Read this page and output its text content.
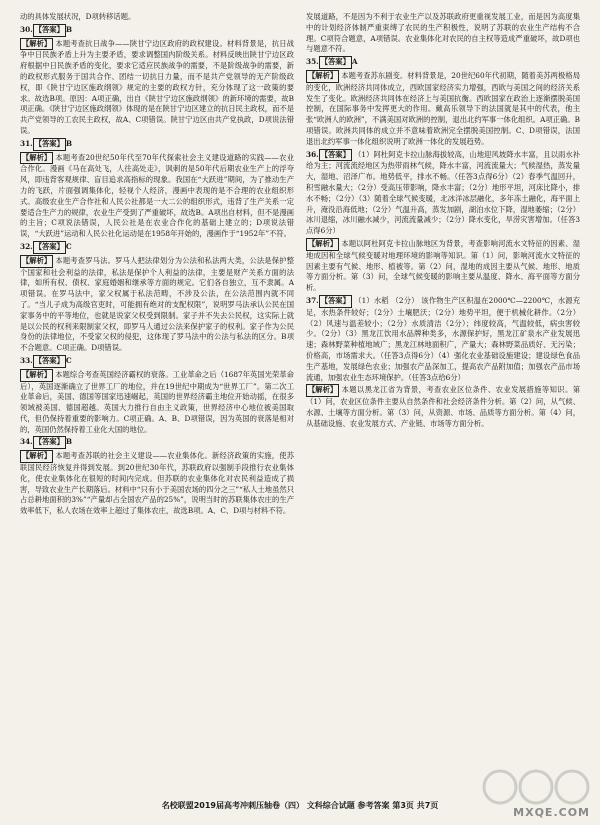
动的具体发展状况，D项转移话题。

30. 【答案】 B

【解析】 本题考查抗日战争——陕甘宁边区政府的政权建设。材料背景是，抗日战争中日民族矛盾上升为主要矛盾，要求调整国内阶级关系。材料反映出陕甘宁边区政府根据中日民族矛盾的变化，要求它适应民族战争的需要，不是阶级战争的需要，新的政权形式服务于国共合作、团结一切抗日力量，而不是共产党领导的无产阶级政权，即《陕甘宁边区施政纲领》规定的主要的政权方针，充分体现了这一政策的要求。故选B项。原因：A项正确，出自《陕甘宁边区施政纲领》的新环境的需要，故B项正确。《陕甘宁边区施政纲领》体现的是在陕甘宁边区建立的抗日民主政权，而不是共产党领导的工农民主政权，故A、C项错误。陕甘宁边区由共产党执政，D项说法错误。

31. 【答案】 B

【解析】 本题考查20世纪50年代至70年代探索社会主义建设道路的实践——农业合作化。漫画《马在高处飞，人往高处走》，讽刺的是50年代后期农业生产上的浮夸风，即违背客观规律、盲目追求高指标的现象。我国在“大跃进”期间，为了推动生产力的飞跃，片面强调集体化，轻视个人经济，漫画中表现的是不合理的农业组织形式。高级农业生产合作社和人民公社都是一大二公的组织形式，违背了生产关系一定要适合生产力的规律，农业生产受到了严重破坏，故选B。A项出自材料，但不是漫画的主旨；C项说法错误，人民公社是在农业合作化的基础上建立的；D项说法错误，“大跃进”运动和人民公社化运动是在1958年开始的，漫画作于“1952年”不符。

32. 【答案】 C

【解析】 本题考查罗马法。罗马人把法律划分为公法和私法两大类，公法是保护整个国家和社会利益的法律，私法是保护个人利益的法律，主要是财产关系方面的法律，如所有权、债权、家庭婚姻和继承等方面的规定。它们各自独立，互不隶属。A项错误。在罗马法中，家父权属于私法范畴，不涉及公法，在公法范围内就不同了。“当儿子成为高级官吏时，可能拥有绝对的支配权限”，说明罗马法承认公民在国家事务中的平等地位，也就是说家父权受到限制。家子并不失去公民权，这实际上就是以公民的权利来限制家父权，即罗马人通过公法来保护家子的权利。家子作为公民身份的法律地位，不受家父权的侵犯，这体现了罗马法中的公法与私法的区分。B项不合题意。C项正确。D项错误。

33. 【答案】 C

【解析】 本题综合考查英国经济霸权的衰落。工业革命之后（1687年英国光荣革命后），英国逐渐确立了世界工厂的地位，并在19世纪中期成为“世界工厂”。第二次工业革命后，美国、德国等国家迅速崛起，英国的世界经济霸主地位开始动摇，在很多领域被美国、德国超越。英国大力推行自由主义政策，世界经济中心地位被美国取代，但仍保持着重要的影响力。C项正确。A、B、D项错误，因为英国的衰落是相对的，英国仍然保持着工业化大国的地位。

34. 【答案】 B

【解析】 本题考查苏联的社会主义建设——农业集体化。新经济政策的实施，使苏联国民经济恢复并得到发展。到20世纪30年代，苏联政府以强制手段推行农业集体化，使农业集体化在很短的时间内完成。但苏联的农业集体化对农民利益造成了损害，导致农业生产长期落后。材料中“只有小于美国农场的四分之三”“私人土地虽然只占总耕地面积的3%”“产量却占全国农产品的25%”，说明当时的苏联集体农庄的生产效率低下，私人农场在效率上超过了集体农庄，故选B项。A、C、D项与材料不符。

发展道路，不是因为不利于农业生产以及苏联政府更重视发展工业，而是因为高度集中的计划经济体制严重束缚了农民的生产积极性，说明了苏联的农业生产结构不合理。C项符合题意，A项错误。农业集体化对农民的自主权等造成严重破坏，故D项也与题意不符。

35. 【答案】 A

【解析】 本题考查苏东剧变。材料背景是，20世纪60年代初期，随着美苏两极格局的变化，欧洲经济共同体成立，西欧国家经济实力增强，西欧与美国之间的经济关系发生了变化。欧洲经济共同体在经济上与美国抗衡。西欧国家在政治上逐渐摆脱美国控制，在国际事务中发挥更大的作用。戴高乐领导下的法国就是其中的代表，他主张“欧洲人的欧洲”，不满美国对欧洲的控制，退出北约军事一体化组织。A项正确。B项错误。欧洲共同体的成立并不意味着欧洲完全摆脱美国控制。C、D项错误，法国退出北约军事一体化组织说明了欧洲一体化的发展趋势。

36. 【答案】 （1）阿杜阿克卡拉山脉海拔较高，山地迎风坡降水丰富，且以雨水补给为主；河流流经地区为热带雨林气候，降水丰富，河流流量大；气候湿热，蒸发量大，湿地、沼泽广布。地势低平，排水不畅。（任答3点得6分）（2）春季气温回升，积雪融水量大；（2分）受高压带影响，降水丰富；（2分）地形平坦，河床比降小，排水不畅；（2分）（3）随着全球气候变暖，北冰洋冰层融化，多年冻土融化，海平面上升，淹没沿海低地；（2分）气温升高，蒸发加剧，湖泊水位下降，湿地萎缩；（2分）冰川退缩，冰川融水减少，河流流量减少；（2分）降水变化，旱涝灾害增加。（任答3点得6分）

【解析】 本题以阿杜阿克卡拉山脉地区为背景，考查影响河流水文特征的因素、湿地成因和全球气候变暖对地理环境的影响等知识。第（1）问，影响河流水文特征的因素主要有气候、地形、植被等。第（2）问，湿地的成因主要从气候、地形、地质等方面分析。第（3）问，全球气候变暖的影响主要从温度、降水、海平面等方面分析。

37. 【答案】 （1）水稻 （2分） 该作物生产区积温在2000℃—2200℃，水源充足，水热条件较好；（2分）土壤肥沃；（2分）地势平坦，便于机械化耕作。（2分）（2）风速与温差较小；（2分）水质清洁（2分）；纬度较高，气温较低，病虫害较少。（2分）（3）黑龙江饮用水品牌种类多，水源保护好，黑龙江矿泉水产业发展迅速；森林野菜种植地域广；黑龙江林地面积广，产量大；森林野菜品质好、无污染；价格高，市场需求大。（任答3点得6分）（4）强化农业基础设施建设；建设绿色食品生产基地，发展绿色农业；加强农产品深加工，提高农产品附加值；加强农产品市场流通，加强农业生态环境保护。（任答3点给6分）

【解析】 本题以黑龙江省为背景，考查农业区位条件、农业发展措施等知识。第（1）问，农业区位条件主要从自然条件和社会经济条件分析。第（2）问，从气候、水源、土壤等方面分析。第（3）问，从资源、市场、品质等方面分析。第（4）问，从基础设施、农业发展方式、产业链、市场等方面分析。

名校联盟2019届高考冲刺压轴卷（四） 文科综合试题 参考答案 第3页 共7页
MXQE.COM
